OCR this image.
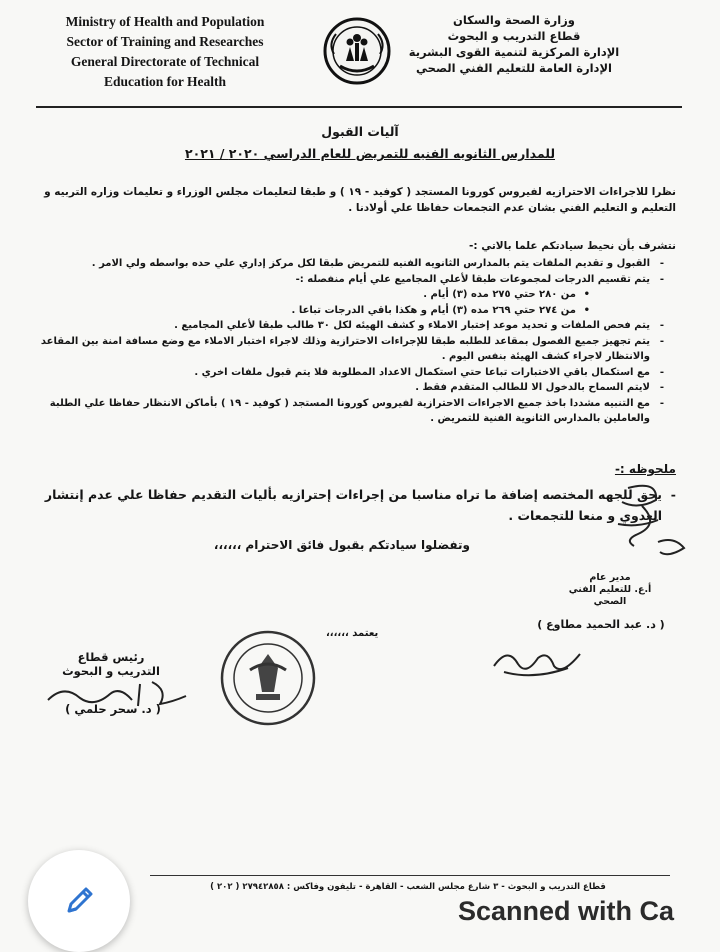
Ministry of Health and Population
Sector of Training and Researches
General Directorate of Technical
Education for Health
وزارة الصحة والسكان
قطاع التدريب و البحوث
الإدارة المركزية لتنمية القوى البشرية
الإدارة العامة للتعليم الفني الصحي
آليات القبول
للمدارس الثانويه الفنيه للتمريض للعام الدراسي ٢٠٢٠ / ٢٠٢١
نظرا للاجراءات الاحترازيه لفيروس كورونا المستجد ( كوفيد - ١٩ ) و طبقا لتعليمات مجلس الوزراء و تعليمات وزاره التربيه و التعليم و التعليم الفني بشان عدم التجمعات حفاظا علي أولادنا .
نتشرف بأن نحيط سيادتكم علما بالاتي :-
- القبول و تقديم الملفات يتم بالمدارس الثانويه الفنيه للتمريض طبقا لكل مركز إداري علي حده بواسطه ولي الامر .
- يتم تقسيم الدرجات لمجموعات طبقا لأعلي المجاميع علي أيام منفصله :-
• من ٢٨٠ حتي ٢٧٥ مده (٣) أيام .
• من ٢٧٤ حتي ٢٦٩ مده (٣) أيام و هكذا باقي الدرجات تباعا .
- يتم فحص الملفات و تحديد موعد إختبار الاملاء و كشف الهيئه لكل ٣٠ طالب طبقا لأعلي المجاميع .
- يتم تجهيز جميع الفصول بمقاعد للطلبه طبقا للإجراءات الاحترازية وذلك لاجراء اختبار الاملاء مع وضع مسافة امنة بين المقاعد والانتظار لاجراء كشف الهيئة بنفس اليوم .
- مع استكمال باقي الاختبارات تباعا حتي استكمال الاعداد المطلوبة فلا يتم قبول ملفات اخري .
- لايتم السماح بالدخول الا للطالب المتقدم فقط .
- مع التنبيه مشددا باخذ جميع الاجراءات الاحترازية لفيروس كورونا المستجد ( كوفيد - ١٩ ) بأماكن الانتظار حفاظا علي الطلبة والعاملين بالمدارس الثانوية الفنية للتمريض .
ملحوظه :-
- يحق للجهه المختصه إضافة ما تراه مناسبا من إجراءات إحترازيه بأليات التقديم حفاظا علي عدم إنتشار العدوي و منعا للتجمعات .
وتفضلوا سيادتكم بقبول فائق الاحترام ،،،،،،
مدير عام
أ.ع. للتعليم الفني الصحي
( د. عبد الحميد مطاوع )
يعتمد ،،،،،،
رئيس قطاع
التدريب و البحوث
( د. سحر حلمي )
قطاع التدريب و البحوث - ٣ شارع مجلس الشعب - القاهرة - تليفون وفاكس : ٢٧٩٤٢٨٥٨ ( ٢٠٢ )
Scanned with Ca
